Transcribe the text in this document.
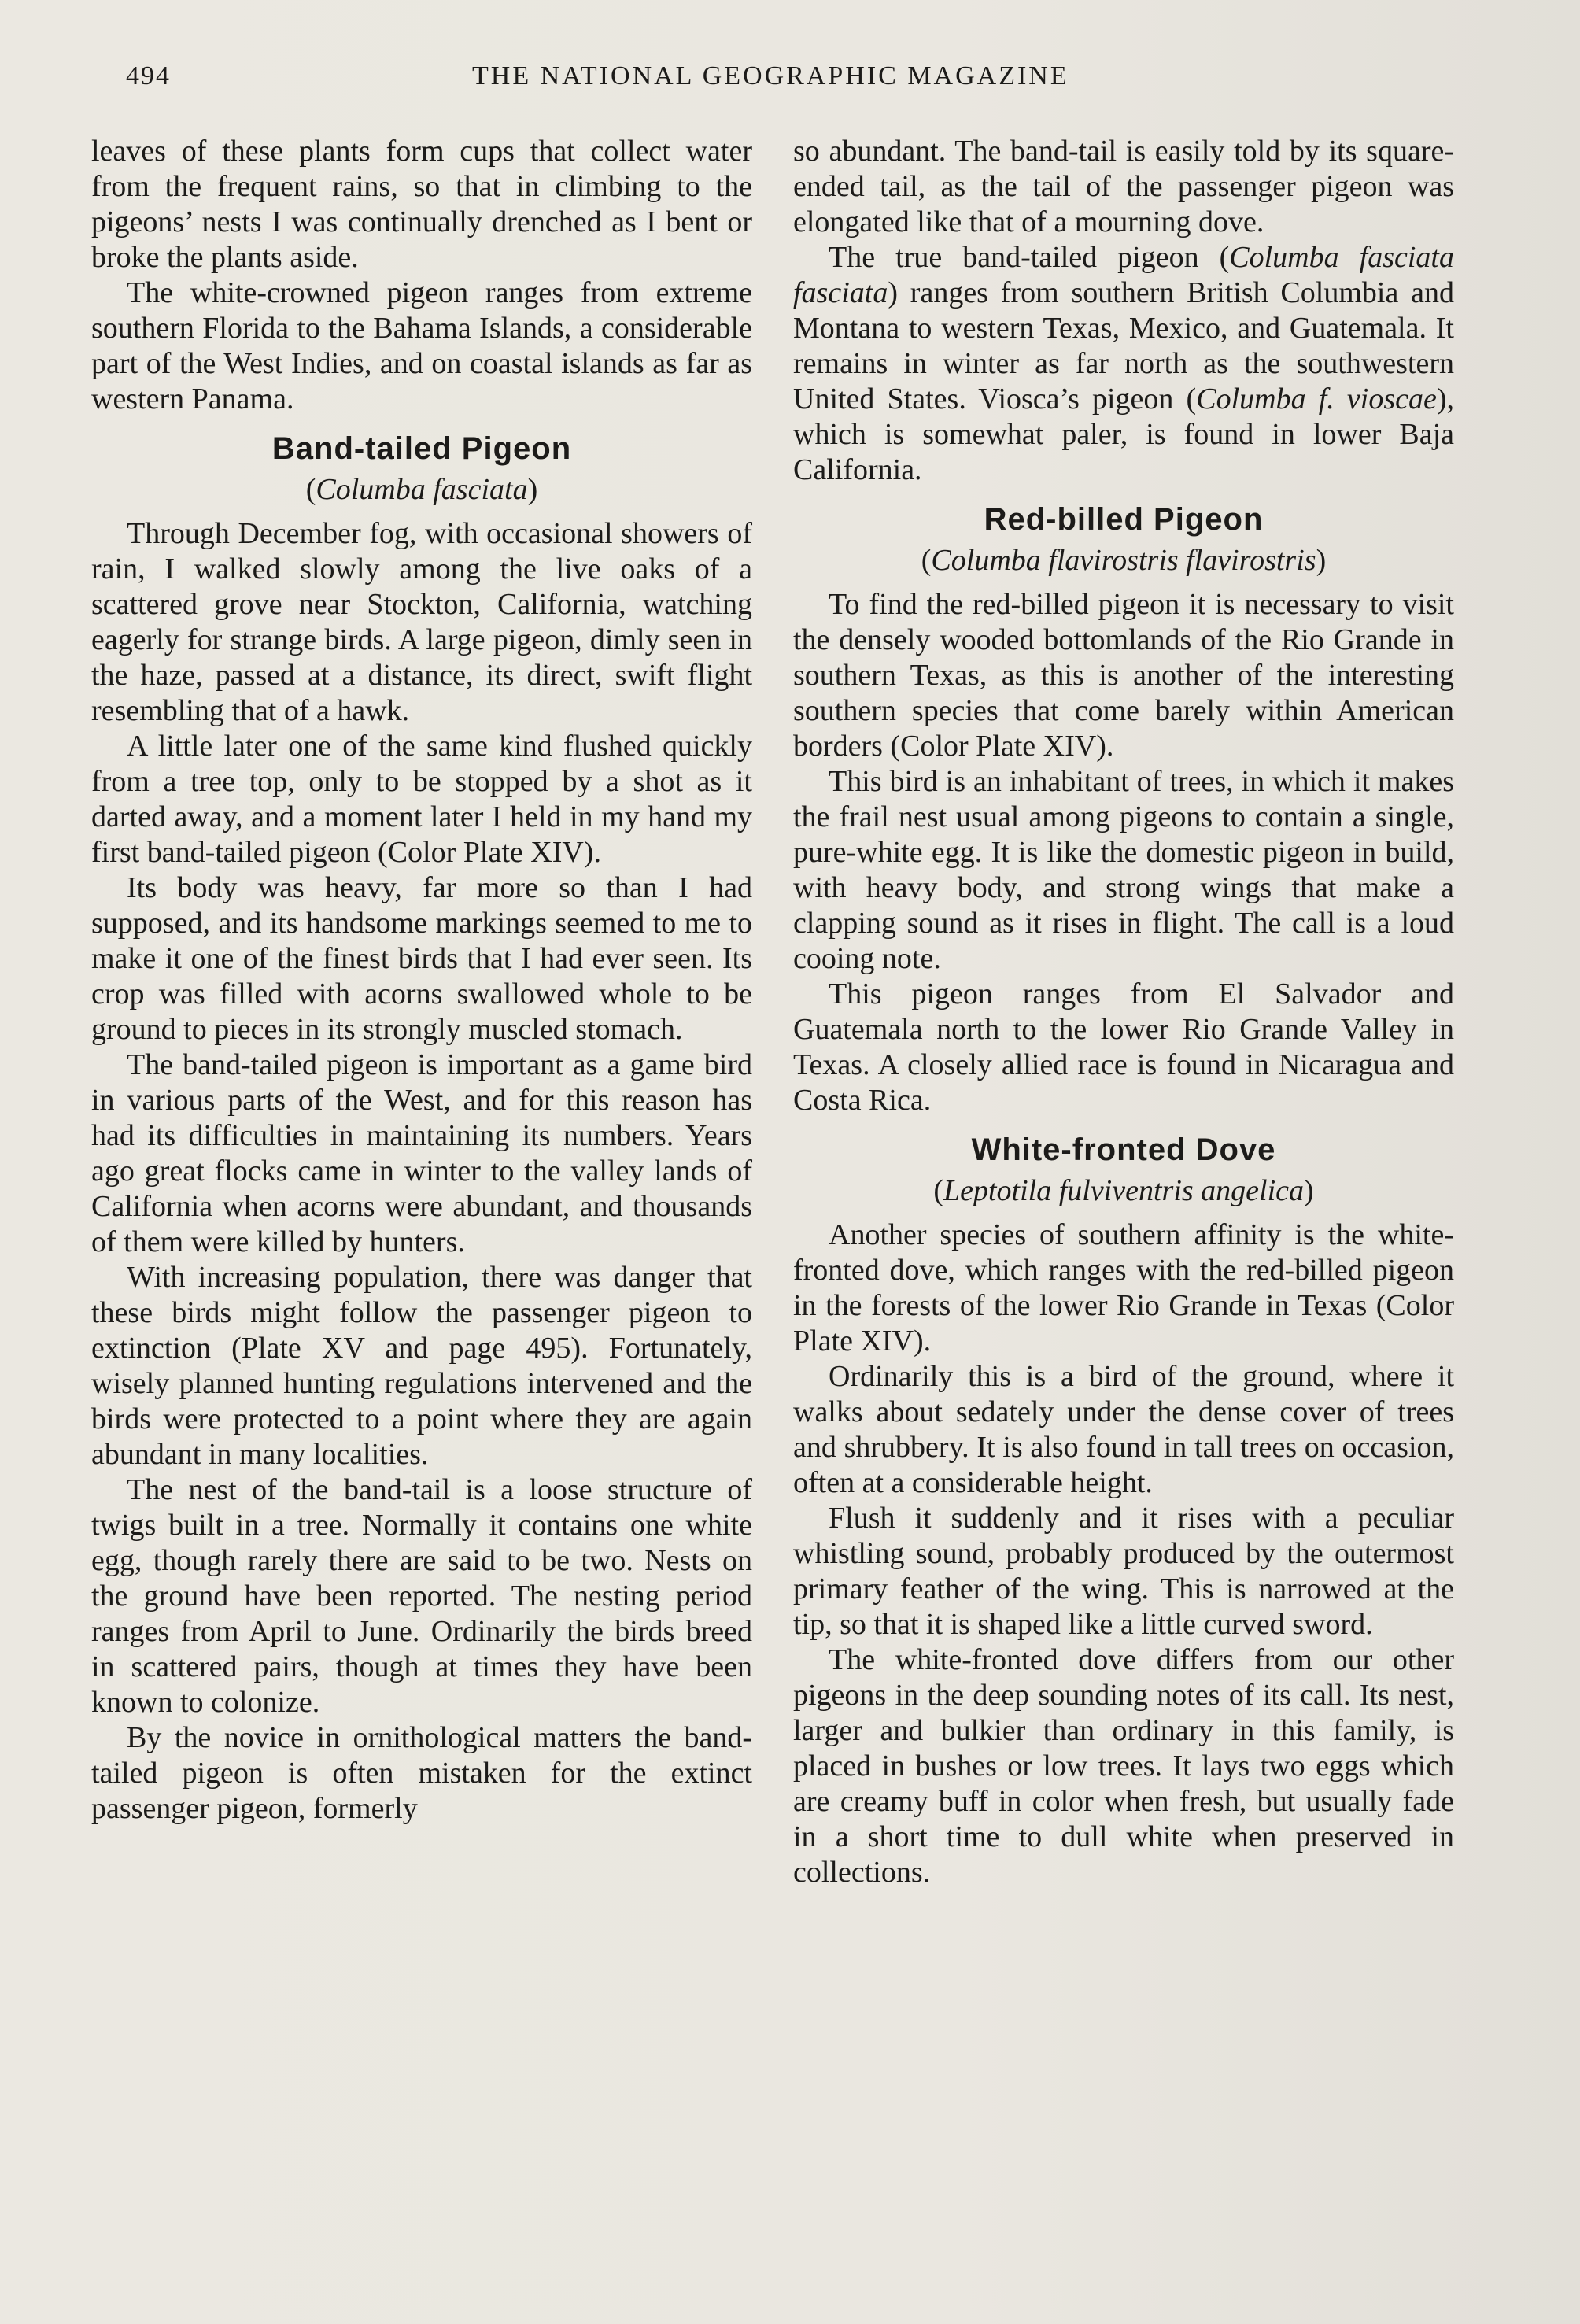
494	THE NATIONAL GEOGRAPHIC MAGAZINE

leaves of these plants form cups that collect water from the frequent rains, so that in climbing to the pigeons’ nests I was continually drenched as I bent or broke the plants aside.

The white-crowned pigeon ranges from extreme southern Florida to the Bahama Islands, a considerable part of the West Indies, and on coastal islands as far as western Panama.

Band-tailed Pigeon
(Columba fasciata)

Through December fog, with occasional showers of rain, I walked slowly among the live oaks of a scattered grove near Stockton, California, watching eagerly for strange birds. A large pigeon, dimly seen in the haze, passed at a distance, its direct, swift flight resembling that of a hawk.

A little later one of the same kind flushed quickly from a tree top, only to be stopped by a shot as it darted away, and a moment later I held in my hand my first band-tailed pigeon (Color Plate XIV).

Its body was heavy, far more so than I had supposed, and its handsome markings seemed to me to make it one of the finest birds that I had ever seen. Its crop was filled with acorns swallowed whole to be ground to pieces in its strongly muscled stomach.

The band-tailed pigeon is important as a game bird in various parts of the West, and for this reason has had its difficulties in maintaining its numbers. Years ago great flocks came in winter to the valley lands of California when acorns were abundant, and thousands of them were killed by hunters.

With increasing population, there was danger that these birds might follow the passenger pigeon to extinction (Plate XV and page 495). Fortunately, wisely planned hunting regulations intervened and the birds were protected to a point where they are again abundant in many localities.

The nest of the band-tail is a loose structure of twigs built in a tree. Normally it contains one white egg, though rarely there are said to be two. Nests on the ground have been reported. The nesting period ranges from April to June. Ordinarily the birds breed in scattered pairs, though at times they have been known to colonize.

By the novice in ornithological matters the band-tailed pigeon is often mistaken for the extinct passenger pigeon, formerly

so abundant. The band-tail is easily told by its square-ended tail, as the tail of the passenger pigeon was elongated like that of a mourning dove.

The true band-tailed pigeon (Columba fasciata fasciata) ranges from southern British Columbia and Montana to western Texas, Mexico, and Guatemala. It remains in winter as far north as the southwestern United States. Viosca’s pigeon (Columba f. vioscae), which is somewhat paler, is found in lower Baja California.

Red-billed Pigeon
(Columba flavirostris flavirostris)

To find the red-billed pigeon it is necessary to visit the densely wooded bottomlands of the Rio Grande in southern Texas, as this is another of the interesting southern species that come barely within American borders (Color Plate XIV).

This bird is an inhabitant of trees, in which it makes the frail nest usual among pigeons to contain a single, pure-white egg. It is like the domestic pigeon in build, with heavy body, and strong wings that make a clapping sound as it rises in flight. The call is a loud cooing note.

This pigeon ranges from El Salvador and Guatemala north to the lower Rio Grande Valley in Texas. A closely allied race is found in Nicaragua and Costa Rica.

White-fronted Dove
(Leptotila fulviventris angelica)

Another species of southern affinity is the white-fronted dove, which ranges with the red-billed pigeon in the forests of the lower Rio Grande in Texas (Color Plate XIV).

Ordinarily this is a bird of the ground, where it walks about sedately under the dense cover of trees and shrubbery. It is also found in tall trees on occasion, often at a considerable height.

Flush it suddenly and it rises with a peculiar whistling sound, probably produced by the outermost primary feather of the wing. This is narrowed at the tip, so that it is shaped like a little curved sword.

The white-fronted dove differs from our other pigeons in the deep sounding notes of its call. Its nest, larger and bulkier than ordinary in this family, is placed in bushes or low trees. It lays two eggs which are creamy buff in color when fresh, but usually fade in a short time to dull white when preserved in collections.
